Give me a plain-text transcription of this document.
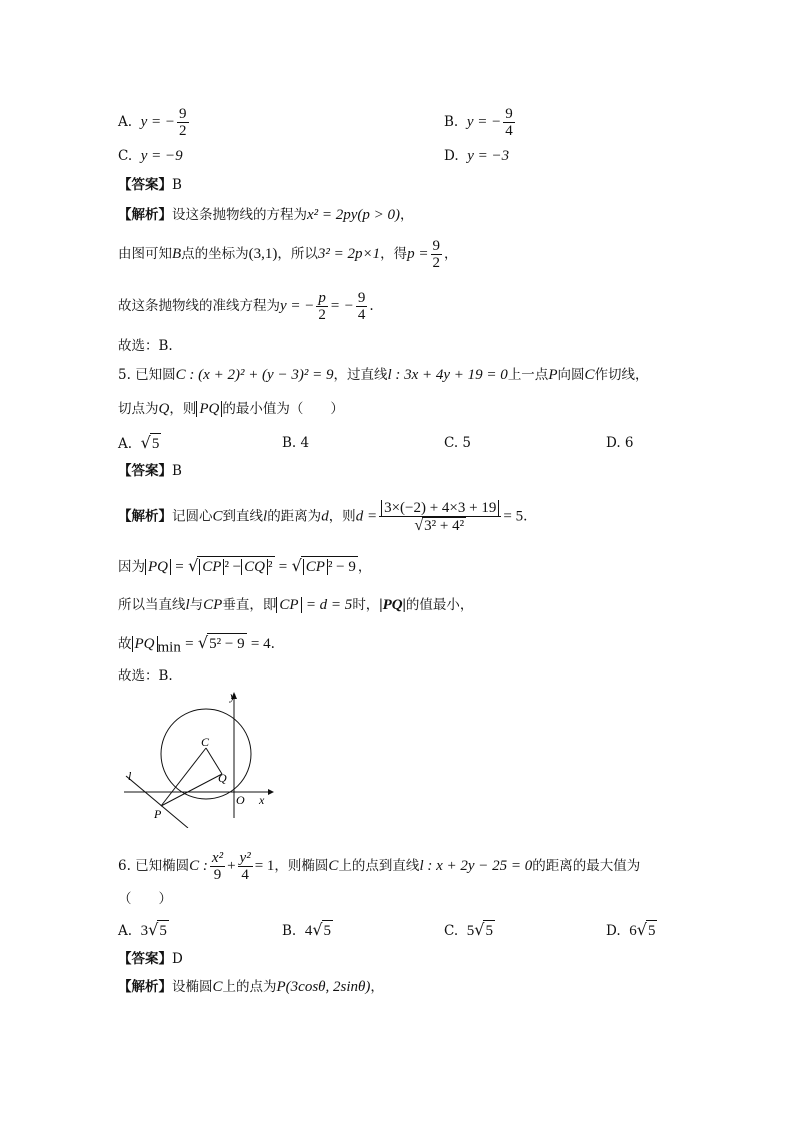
A. y = − $\frac{9}{2}$	B. y = − $\frac{9}{4}$
C. y = −9	D. y = −3
【答案】B
【解析】设这条抛物线的方程为x² = 2py(p > 0)，
由图可知B点的坐标为(3,1)，所以3² = 2p×1，得$p = \frac{9}{2}$ ，
故这条抛物线的准线方程为y = − $\frac{p}{2}$ = − $\frac{9}{4}$ .
故选：B.
5. 已知圆C : (x + 2)² + (y − 3)² = 9，过直线l : 3x + 4y + 19 = 0上一点P向圆C作切线，
切点为Q，则 PQ 的最小值为（　　）
A. √5	B. 4	C. 5	D. 6
【答案】B
【解析】记圆心C到直线l的距离为d，则$d = \frac{3\times(-2) + 4\times 3 + 19}{\text{√3² + 4²}} = 5$.
因为 PQ = √ CP ² − CQ ² = √ CP ² − 9 ，
所以当直线l与CP垂直，即 CP = d = 5时，|PQ|的值最小，
故 PQ $_{min}$ = √5² − 9 = 4.
故选：B.
y
x
C
Q
O
P
l
6. 已知椭圆C : $\frac{\text{x²}}{9} + \frac{\text{y²}}{4} = 1$，则椭圆C上的点到直线l : x + 2y − 25 = 0的距离的最大值为
（　　）
A. 3√5	B. 4√5	C. 5√5	D. 6√5
【答案】D
【解析】设椭圆C上的点为P(3cosθ, 2sinθ)，
